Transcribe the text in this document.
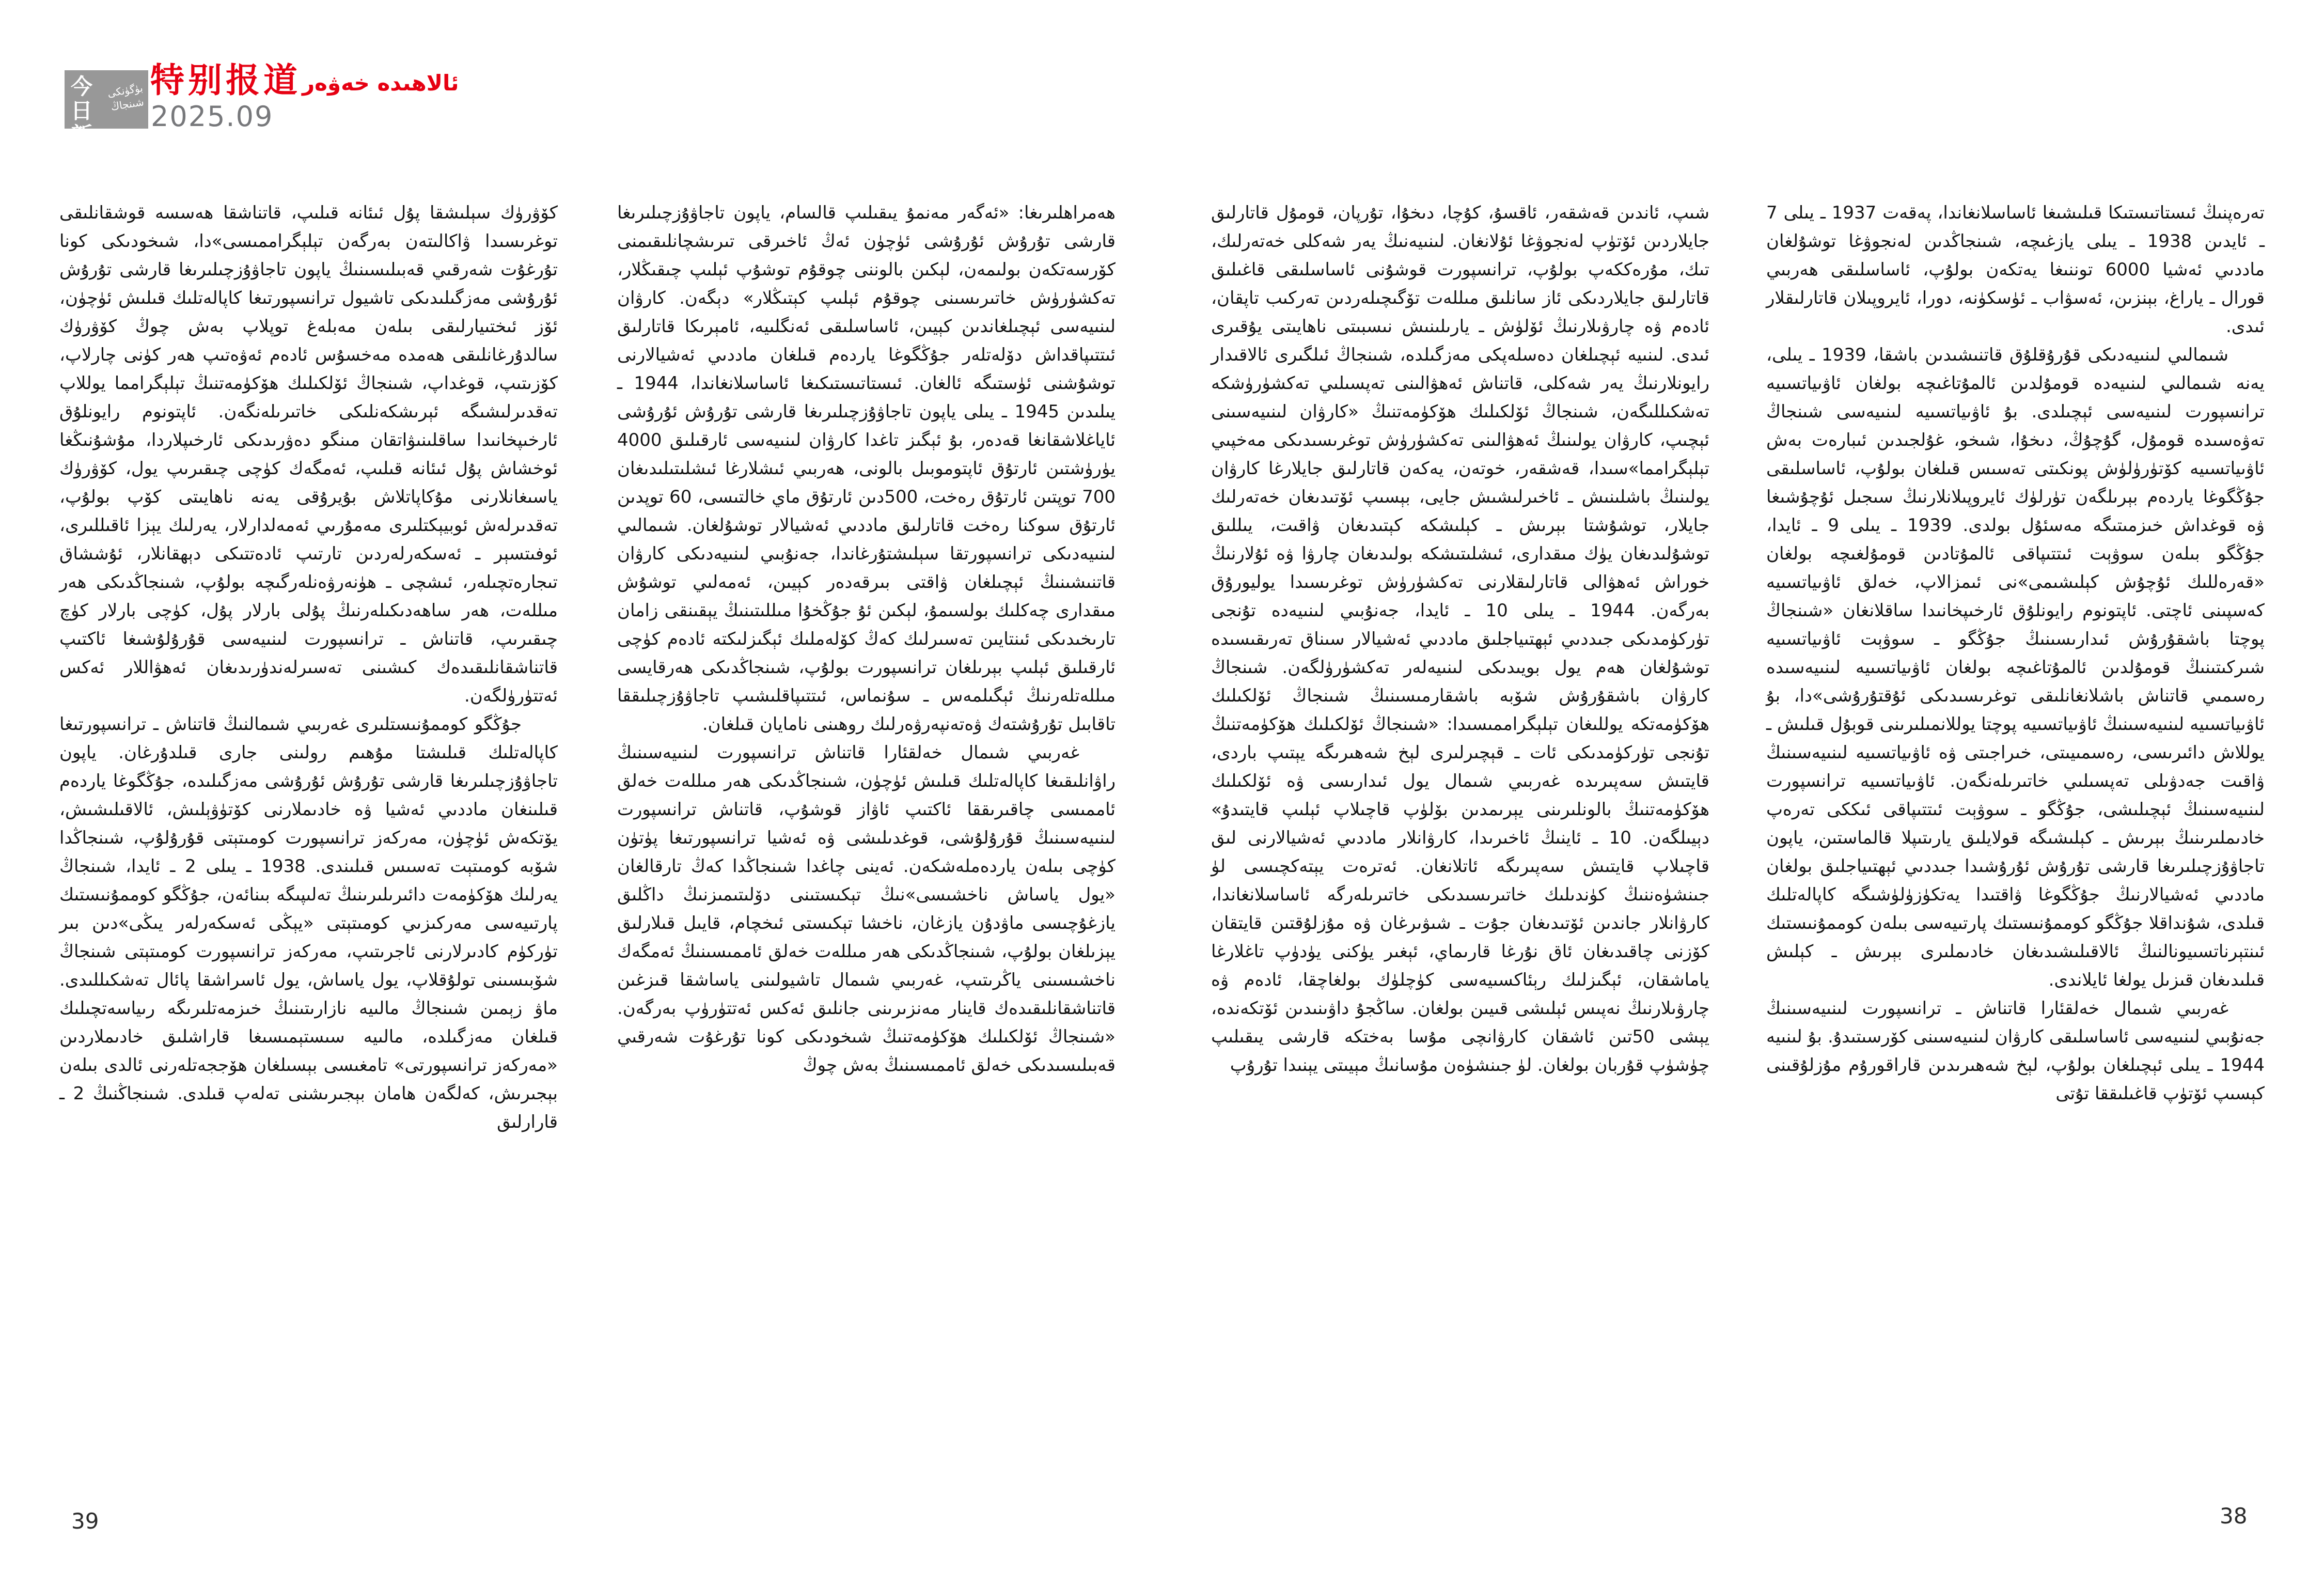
今日
新疆
بۈگۈنكى شىنجاڭ
特别报道 ئالاھىدە خەۋەر
2025.09

تەرەپنىڭ ئىستاتىستىكا قىلىشىغا ئاساسلانغاندا، پەقەت 1937 ـ يىلى 7 ـ ئايدىن 1938 ـ يىلى يازغىچە، شىنجاڭدىن لەنجوۋغا توشۇلغان ماددىي ئەشيا 6000 توننىغا يەتكەن بولۇپ، ئاساسلىقى ھەربىي قورال ـ ياراغ، بېنزىن، ئەسۋاب ـ ئۈسكۈنە، دورا، ئايروپىلان قاتارلىقلار ئىدى.

شىمالىي لىنىيەدىكى قۇرۇقلۇق قاتنىشىدىن باشقا، 1939 ـ يىلى، يەنە شىمالىي لىنىيەدە قومۇلدىن ئالمۇتاغىچە بولغان ئاۋىياتسىيە ترانسپورت لىنىيەسى ئېچىلدى. بۇ ئاۋىياتسىيە لىنىيەسى شىنجاڭ تەۋەسىدە قومۇل، گۇچۇڭ، دىخۇا، شىخو، غۇلجىدىن ئىبارەت بەش ئاۋىياتسىيە كۆتۈرۈلۈش پونكىتى تەسىس قىلغان بولۇپ، ئاساسلىقى جۇڭگوغا ياردەم بېرىلگەن تۈرلۈك ئايروپىلانلارنىڭ سىجىل ئۇچۇشىغا ۋە قوغداش خىزمىتىگە مەسئۇل بولدى. 1939 ـ يىلى 9 ـ ئايدا، جۇڭگو بىلەن سوۋېت ئىتتىپاقى ئالمۇتادىن قومۇلغىچە بولغان «قەرەللىك ئۇچۇش كېلىشىمى»نى ئىمزالاپ، خەلق ئاۋىياتسىيە كەسپىنى ئاچتى. ئاپتونوم رايونلۇق ئارخىپخانىدا ساقلانغان «شىنجاڭ پوچتا باشقۇرۇش ئىدارىسىنىڭ جۇڭگو ـ سوۋېت ئاۋىياتسىيە شىركىتىنىڭ قومۇلدىن ئالمۇتاغىچە بولغان ئاۋىياتسىيە لىنىيەسىدە رەسمىي قاتناش باشلانغانلىقى توغرىسىدىكى ئۇقتۇرۇشى»دا، بۇ ئاۋىياتسىيە لىنىيەسىنىڭ ئاۋىياتسىيە پوچتا يوللانمىلىرىنى قوبۇل قىلىش ـ يوللاش دائىرىسى، رەسمىيىتى، خىراجىتى ۋە ئاۋىياتسىيە لىنىيەسىنىڭ ۋاقىت جەدۋىلى تەپسىلىي خاتىرىلەنگەن. ئاۋىياتسىيە ترانسپورت لىنىيەسىنىڭ ئېچىلىشى، جۇڭگو ـ سوۋېت ئىتتىپاقى ئىككى تەرەپ خادىملىرىنىڭ بېرىش ـ كېلىشىگە قولايلىق يارىتىپلا قالماستىن، ياپون تاجاۋۇزچىلىرىغا قارشى تۇرۇش ئۇرۇشىدا جىددىي ئېھتىياجلىق بولغان ماددىي ئەشيالارنىڭ جۇڭگوغا ۋاقتىدا يەتكۈزۈلۈشىگە كاپالەتلىك قىلدى، شۇنداقلا جۇڭگو كوممۇنىستىك پارتىيەسى بىلەن كوممۇنىستىك ئىنتېرناتسىيونالنىڭ ئالاقىلىشىدىغان خادىملىرى بېرىش ـ كېلىش قىلىدىغان قىزىل يولغا ئايلاندى.

غەربىي شىمال خەلقئارا قاتناش ـ ترانسپورت لىنىيەسىنىڭ جەنۇبىي لىنىيەسى ئاساسلىقى كارۋان لىنىيەسىنى كۆرسىتىدۇ. بۇ لىنىيە 1944 ـ يىلى ئېچىلغان بولۇپ، لېخ شەھىرىدىن قاراقورۇم مۇزلۇقىنى كېسىپ ئۆتۈپ قاغىلىققا تۇتى

شىپ، ئاندىن قەشقەر، ئاقسۇ، كۇچا، دىخۇا، تۇرپان، قومۇل قاتارلىق جايلاردىن ئۆتۈپ لەنجوۋغا ئۇلانغان. لىنىيەنىڭ يەر شەكلى خەتەرلىك، تىك، مۇرەككەپ بولۇپ، ترانسپورت قوشۇنى ئاساسلىقى قاغىلىق قاتارلىق جايلاردىكى ئاز سانلىق مىللەت تۆگىچىلەردىن تەركىب تاپقان، ئادەم ۋە چارۋىلارنىڭ ئۆلۈش ـ يارىلىنىش نىسبىتى ناھايىتى يۇقىرى ئىدى. لىنىيە ئېچىلغان دەسلەپكى مەزگىلدە، شىنجاڭ ئىلگىرى ئالاقىدار رايونلارنىڭ يەر شەكلى، قاتناش ئەھۋالىنى تەپسىلىي تەكشۈرۈشكە تەشكىللىگەن، شىنجاڭ ئۆلكىلىك ھۆكۈمەتنىڭ «كارۋان لىنىيەسىنى ئېچىپ، كارۋان يولىنىڭ ئەھۋالىنى تەكشۈرۈش توغرىسىدىكى مەخپىي تېلېگرامما»سىدا، قەشقەر، خوتەن، يەكەن قاتارلىق جايلارغا كارۋان يولىنىڭ باشلىنىش ـ ئاخىرلىشىش جايى، بېسىپ ئۆتىدىغان خەتەرلىك جايلار، توشۇشتا بېرىش ـ كېلىشكە كېتىدىغان ۋاقىت، يىللىق توشۇلىدىغان يۈك مىقدارى، ئىشلىتىشكە بولىدىغان چارۋا ۋە ئۇلارنىڭ خوراش ئەھۋالى قاتارلىقلارنى تەكشۈرۈش توغرىسىدا يوليورۇق بەرگەن. 1944 ـ يىلى 10 ـ ئايدا، جەنۇبىي لىنىيەدە تۇنجى تۈركۈمدىكى جىددىي ئېھتىياجلىق ماددىي ئەشيالار سىناق تەرىقىسىدە توشۇلغان ھەم يول بويىدىكى لىنىيەلەر تەكشۈرۈلگەن. شىنجاڭ كارۋان باشقۇرۇش شۆبە باشقارمىسىنىڭ شىنجاڭ ئۆلكىلىك ھۆكۈمەتكە يوللىغان تېلېگراممىسىدا: «شىنجاڭ ئۆلكىلىك ھۆكۈمەتنىڭ تۇنجى تۈركۈمدىكى ئات ـ قېچىرلىرى لېخ شەھىرىگە يېتىپ باردى، قايتىش سەپىرىدە غەربىي شىمال يول ئىدارىسى ۋە ئۆلكىلىك ھۆكۈمەتنىڭ بالونلىرىنى يېرىمدىن بۆلۈپ قاچىلاپ ئېلىپ قايتىدۇ» دېيىلگەن. 10 ـ ئاينىڭ ئاخىرىدا، كارۋانلار ماددىي ئەشيالارنى لىق قاچىلاپ قايتىش سەپىرىگە ئاتلانغان. ئەترەت يېتەكچىسى لۈ جىنشۈەننىڭ كۈندىلىك خاتىرىسىدىكى خاتىرىلەرگە ئاساسلانغاندا، كارۋانلار جاندىن ئۆتىدىغان جۇت ـ شىۋىرغان ۋە مۇزلۇقتىن قايتقان كۆزنى چاقىدىغان ئاق نۇرغا قارىماي، ئېغىر يۈكنى يۈدۈپ تاغلارغا ياماشقان، ئېگىزلىك رېئاكسىيەسى كۈچلۈك بولغاچقا، ئادەم ۋە چارۋىلارنىڭ نەپىس ئېلىشى قىيىن بولغان. ساڭجۇ داۋىنىدىن ئۆتكەندە، يېشى 50تىن ئاشقان كارۋانچى مۇسا بەختكە قارشى يىقىلىپ چۈشۈپ قۇربان بولغان. لۈ جىنشۈەن مۇسانىڭ مېيىتى يېنىدا تۇرۇپ

ھەمراھلىرىغا: «ئەگەر مەنمۇ يىقىلىپ قالسام، ياپون تاجاۋۇزچىلىرىغا قارشى تۇرۇش ئۇرۇشى ئۈچۈن ئەڭ ئاخىرقى تىرىشچانلىقىمنى كۆرسەتكەن بولىمەن، لېكىن بالوننى چوقۇم توشۇپ ئېلىپ چىقىڭلار، تەكشۈرۈش خاتىرىسىنى چوقۇم ئېلىپ كېتىڭلار» دېگەن. كارۋان لىنىيەسى ئېچىلغاندىن كېيىن، ئاساسلىقى ئەنگلىيە، ئامېرىكا قاتارلىق ئىتتىپاقداش دۆلەتلەر جۇڭگوغا ياردەم قىلغان ماددىي ئەشيالارنى توشۇشنى ئۈستىگە ئالغان. ئىستاتىستىكىغا ئاساسلانغاندا، 1944 ـ يىلىدىن 1945 ـ يىلى ياپون تاجاۋۇزچىلىرىغا قارشى تۇرۇش ئۇرۇشى ئاياغلاشقانغا قەدەر، بۇ ئېگىز تاغدا كارۋان لىنىيەسى ئارقىلىق 4000 يۈرۈشتىن ئارتۇق ئاپتوموبىل بالونى، ھەربىي ئىشلارغا ئىشلىتىلىدىغان 700 توپتىن ئارتۇق رەخت، 500دىن ئارتۇق ماي خالتىسى، 60 توپدىن ئارتۇق سوكنا رەخت قاتارلىق ماددىي ئەشيالار توشۇلغان. شىمالىي لىنىيەدىكى ترانسپورتقا سېلىشتۇرغاندا، جەنۇبىي لىنىيەدىكى كارۋان قاتنىشىنىڭ ئېچىلغان ۋاقتى بىرقەدەر كېيىن، ئەمەلىي توشۇش مىقدارى چەكلىك بولسىمۇ، لېكىن ئۇ جۇڭخۇا مىللىتىنىڭ يېقىنقى زامان تارىخىدىكى ئىنتايىن تەسىرلىك كەڭ كۆلەملىك ئېگىزلىكتە ئادەم كۈچى ئارقىلىق ئېلىپ بېرىلغان ترانسپورت بولۇپ، شىنجاڭدىكى ھەرقايسى مىللەتلەرنىڭ ئېگىلمەس ـ سۇنماس، ئىتتىپاقلىشىپ تاجاۋۇزچىلىققا تاقابىل تۇرۇشتەك ۋەتەنپەرۋەرلىك روھىنى نامايان قىلغان.

غەربىي شىمال خەلقئارا قاتناش ترانسپورت لىنىيەسىنىڭ راۋانلىقىغا كاپالەتلىك قىلىش ئۈچۈن، شىنجاڭدىكى ھەر مىللەت خەلق ئاممىسى چاقىرىققا ئاكتىپ ئاۋاز قوشۇپ، قاتناش ترانسپورت لىنىيەسىنىڭ قۇرۇلۇشى، قوغدىلىشى ۋە ئەشيا ترانسپورتىغا پۈتۈن كۈچى بىلەن ياردەملەشكەن. ئەينى چاغدا شىنجاڭدا كەڭ تارقالغان «يول ياساش ناخشىسى»نىڭ تېكىستىنى دۆلىتىمىزنىڭ داڭلىق يازغۇچىسى ماۋدۇن يازغان، ناخشا تېكىستى ئىخچام، قايىل قىلارلىق يېزىلغان بولۇپ، شىنجاڭدىكى ھەر مىللەت خەلق ئاممىسىنىڭ ئەمگەك ناخشىسىنى ياڭرىتىپ، غەربىي شىمال تاشيولىنى ياساشقا قىزغىن قاتناشقانلىقىدەك قاينار مەنزىرىنى جانلىق ئەكس ئەتتۈرۈپ بەرگەن. «شىنجاڭ ئۆلكىلىك ھۆكۈمەتنىڭ شىخودىكى كونا تۇرغۇت شەرقىي قەبىلىسىدىكى خەلق ئاممىسىنىڭ بەش چوڭ

كۆۋرۈك سېلىشقا پۇل ئىئانە قىلىپ، قاتناشقا ھەسسە قوشقانلىقى توغرىسىدا ۋاكالىتەن بەرگەن تېلېگراممىسى»دا، شىخودىكى كونا تۇرغۇت شەرقىي قەبىلىسىنىڭ ياپون تاجاۋۇزچىلىرىغا قارشى تۇرۇش ئۇرۇشى مەزگىلىدىكى تاشيول ترانسپورتىغا كاپالەتلىك قىلىش ئۈچۈن، ئۆز ئىختىيارلىقى بىلەن مەبلەغ توپلاپ بەش چوڭ كۆۋرۈك سالدۇرغانلىقى ھەمدە مەخسۇس ئادەم ئەۋەتىپ ھەر كۈنى چارلاپ، كۆزىتىپ، قوغداپ، شىنجاڭ ئۆلكىلىك ھۆكۈمەتنىڭ تېلېگرامما يوللاپ تەقدىرلىشىگە ئېرىشكەنلىكى خاتىرىلەنگەن. ئاپتونوم رايونلۇق ئارخىپخانىدا ساقلىنىۋاتقان مىنگو دەۋرىدىكى ئارخىپلاردا، مۇشۇنىڭغا ئوخشاش پۇل ئىئانە قىلىپ، ئەمگەك كۈچى چىقىرىپ يول، كۆۋرۈك ياسىغانلارنى مۇكاپاتلاش بۇيرۇقى يەنە ناھايىتى كۆپ بولۇپ، تەقدىرلەش ئوبيېكتلىرى مەمۇرىي ئەمەلدارلار، يەرلىك يېزا ئاقىللىرى، ئوفىتسېر ـ ئەسكەرلەردىن تارتىپ ئادەتتىكى دېھقانلار، ئۇششاق تىجارەتچىلەر، ئىشچى ـ ھۈنەرۋەنلەرگىچە بولۇپ، شىنجاڭدىكى ھەر مىللەت، ھەر ساھەدىكىلەرنىڭ پۇلى بارلار پۇل، كۈچى بارلار كۈچ چىقىرىپ، قاتناش ـ ترانسپورت لىنىيەسى قۇرۇلۇشىغا ئاكتىپ قاتناشقانلىقىدەك كىشىنى تەسىرلەندۈرىدىغان ئەھۋاللار ئەكس ئەتتۈرۈلگەن.

جۇڭگو كوممۇنىستلىرى غەربىي شىمالنىڭ قاتناش ـ ترانسپورتىغا كاپالەتلىك قىلىشتا مۇھىم رولىنى جارى قىلدۇرغان. ياپون تاجاۋۇزچىلىرىغا قارشى تۇرۇش ئۇرۇشى مەزگىلىدە، جۇڭگوغا ياردەم قىلىنغان ماددىي ئەشيا ۋە خادىملارنى كۆتۈۋېلىش، ئالاقىلىشىش، يۆتكەش ئۈچۈن، مەركەز ترانسپورت كومىتېتى قۇرۇلۇپ، شىنجاڭدا شۆبە كومىتېت تەسىس قىلىندى. 1938 ـ يىلى 2 ـ ئايدا، شىنجاڭ يەرلىك ھۆكۈمەت دائىرىلىرىنىڭ تەلىپىگە بىنائەن، جۇڭگو كوممۇنىستىك پارتىيەسى مەركىزىي كومىتېتى «يېڭى ئەسكەرلەر يىڭى»دىن بىر تۈركۈم كادىرلارنى ئاجرىتىپ، مەركەز ترانسپورت كومىتېتى شىنجاڭ شۆبىسىنى تولۇقلاپ، يول ياساش، يول ئاسراشقا پائال تەشكىللىدى. ماۋ زېمىن شىنجاڭ مالىيە نازارىتىنىڭ خىزمەتلىرىگە رىياسەتچىلىك قىلغان مەزگىلدە، مالىيە سىستېمىسىغا قاراشلىق خادىملاردىن «مەركەز ترانسپورتى» تامغىسى بېسىلغان ھۆججەتلەرنى ئالدى بىلەن بېجىرىش، كەلگەن ھامان بېجىرىشنى تەلەپ قىلدى. شىنجاڭنىڭ 2 ـ قارارلىق

39	38
